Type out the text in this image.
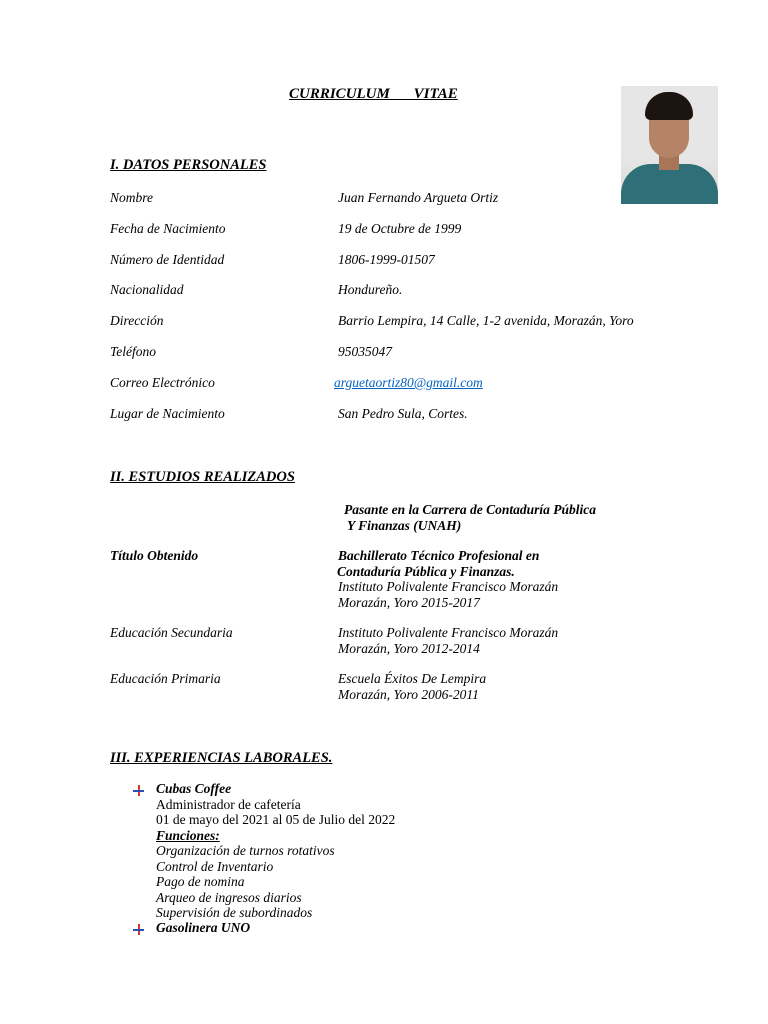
CURRICULUM VITAE
I. DATOS PERSONALES
Nombre	Juan Fernando Argueta Ortiz
Fecha de Nacimiento	19 de Octubre de 1999
Número de Identidad	1806-1999-01507
Nacionalidad	Hondureño.
Dirección	Barrio Lempira, 14 Calle, 1-2 avenida, Morazán, Yoro
Teléfono	95035047
Correo Electrónico	arguetaortiz80@gmail.com
Lugar de Nacimiento	San Pedro Sula, Cortes.
II. ESTUDIOS REALIZADOS
Pasante en la Carrera de Contaduría Pública
Y Finanzas (UNAH)
Título Obtenido	Bachillerato Técnico Profesional en
Contaduría Pública y Finanzas.
Instituto Polivalente Francisco Morazán
Morazán, Yoro 2015-2017
Educación Secundaria	Instituto Polivalente Francisco Morazán
Morazán, Yoro 2012-2014
Educación Primaria	Escuela Éxitos De Lempira
Morazán, Yoro 2006-2011
III. EXPERIENCIAS LABORALES.
Cubas Coffee
Administrador de cafetería
01 de mayo del 2021 al 05 de Julio del 2022
Funciones:
Organización de turnos rotativos
Control de Inventario
Pago de nomina
Arqueo de ingresos diarios
Supervisión de subordinados
Gasolinera UNO
